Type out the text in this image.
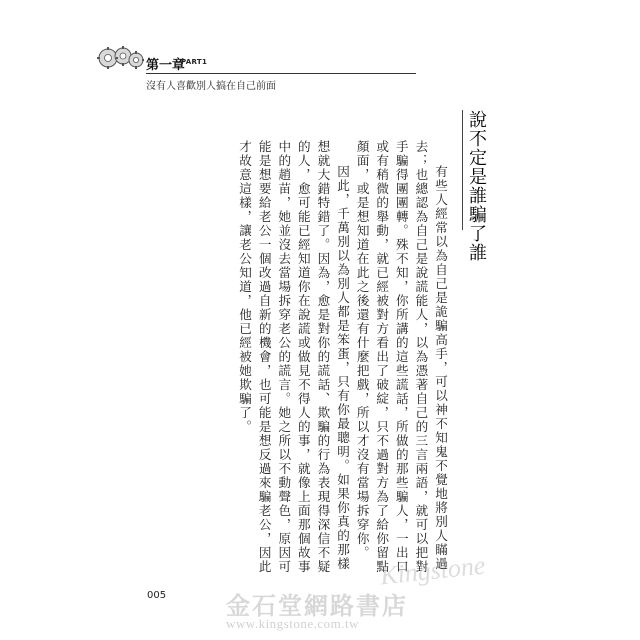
第一章
PART1
沒有人喜歡別人搞在自己前面
說不定是誰騙了誰

有些人經常以為自己是詭騙高手，可以神不知鬼不覺地將別人瞞過去；也總認為自己是說謊能人，以為憑著自己的三言兩語，就可以把對手騙得團團轉。殊不知，你所講的這些謊話，所做的那些騙人，一出口或有稍微的舉動，就已經被對方看出了破綻，只不過對方為了給你留點顏面，或是想知道在此之後還有什麼把戲，所以才沒有當場拆穿你。

因此，千萬別以為別人都是笨蛋，只有你最聰明。如果你真的那樣想就大錯特錯了。因為，愈是對你的謊話、欺騙的行為表現得深信不疑的人，愈可能已經知道你在說謊或做見不得人的事，就像上面那個故事中的趙苗，她並沒去當場拆穿老公的謊言。她之所以不動聲色，原因可能是想要給老公一個改過自新的機會，也可能是想反過來騙老公，因此才故意這樣，讓老公知道，他已經被她欺騙了。

005
Kingstone
金石堂網路書店
www.kingstone.com.tw
